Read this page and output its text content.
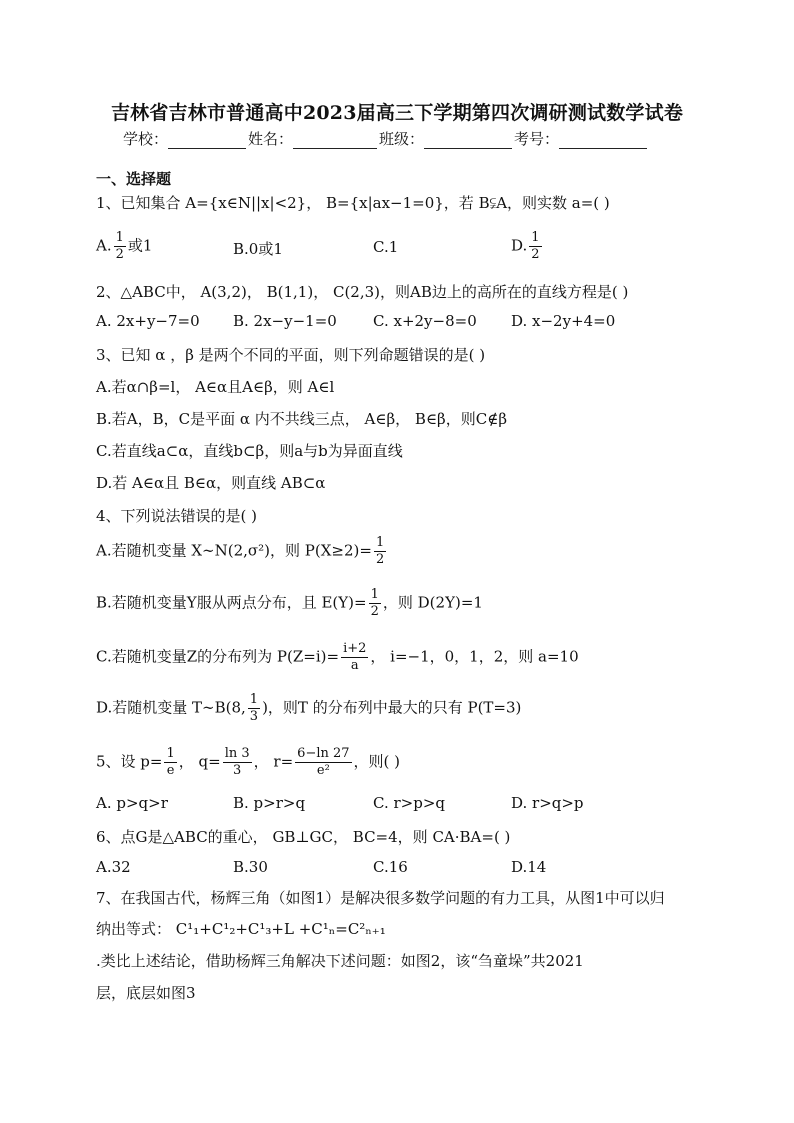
吉林省吉林市普通高中2023届高三下学期第四次调研测试数学试卷
学校：	姓名：	班级：	考号：
一、选择题
1、已知集合 A={x∈N||x|<2}， B={x|ax−1=0}，若 B⫋A，则实数 a=( )
A. $\frac{1}{2}$ 或1	B.0或1	C.1	D. $\frac{1}{2}$
2、△ABC中， A(3,2)， B(1,1)， C(2,3)，则AB边上的高所在的直线方程是( )
A. 2x+y−7=0 B. 2x−y−1=0 C. x+2y−8=0 D. x−2y+4=0
3、已知 α ，β 是两个不同的平面，则下列命题错误的是( )
A.若α∩β=l， A∈α且A∈β，则 A∈l
B.若A，B，C是平面 α 内不共线三点， A∈β， B∈β，则C∉β
C.若直线a⊂α，直线b⊂β，则a与b为异面直线
D.若 A∈α且 B∈α，则直线 AB⊂α
4、下列说法错误的是( )
A.若随机变量 X∼N(2,σ²)，则 $P(X\ge 2)= \frac{1}{2}$
B.若随机变量Y服从两点分布，且 $E(Y)= \frac{1}{2}$ ，则 D(2Y)=1
C.若随机变量Z的分布列为 $P(Z=i)= \frac{i+2}{a}$ ， i=−1，0，1，2，则 a=10
D.若随机变量 T∼B(8, $\frac{1}{3}$ )，则T 的分布列中最大的只有 P(T=3)
5、设 $p= \frac{1}{e}$ ， $q= \frac{\ln 3}{3}$ ， $r= \frac{6-\ln 27}{\text{e²}}$ ，则( )
A. p>q>r	B. p>r>q	C. r>p>q	D. r>q>p
6、点G是△ABC的重心， GB⊥GC， BC=4，则 CA·BA=( )
A.32	B.30	C.16	D.14
7、在我国古代，杨辉三角（如图1）是解决很多数学问题的有力工具，从图1中可以归
纳出等式： C¹₁+C¹₂+C¹₃+L +C¹ₙ=C²ₙ₊₁
.类比上述结论，借助杨辉三角解决下述问题：如图2，该“刍童垛”共2021
层，底层如图3
